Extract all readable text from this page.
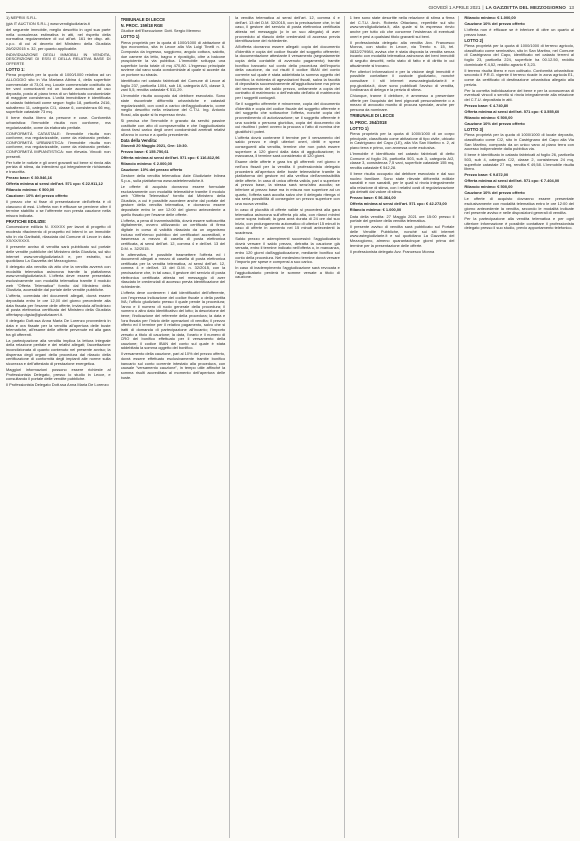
GIOVEDÌ 1 APRILE 2021 | LA GAZZETTA DEL MEZZOGIORNO 13

1) NEPRIX S.R.L.

(già IT AUCTION S.R.L.) www.vendigiudiziaria.it

del seguente immobile, meglio descritto in ogni sua parte nella consulenza estimativa in atti, nel rispetto della normativa regolamentare di cui all'art. 161 ter disp. att. c.p.c. di cui al decreto del Ministero della Giustizia 26/02/2015 n. 32, per quanto applicabile.

INDIVIDUAZIONE DEGLI IMMOBILI IN VENDITA, DESCRIZIONE DI ESSI E DELLA RELATIVA BASE DI OFFERTE

LOTTO 1:

Piena proprietà per la quota di 1000/1000 relativa ad un ALLOGGIO sito in Via Mariana Albina 4, della superficie commerciale di 73,01 mq. Locale commerciale costituito da tre vani comunicanti ed un locale accessorio ad uso deposito, posto al piano terra di un fabbricato condominiale di maggiore consistenza. L'unità immobiliare è identificata al catasto fabbricati come segue: foglio 18, particella 2416, subalterno 11, categoria C/1, classe 6, consistenza 66 mq, superficie catastale 73 mq.

Il bene risulta libero da persone e cose. Conformità urbanistica: l'immobile risulta non conforme, ma regolarizzabile, come da elaborato peritale.

CONFORMITÀ CATASTALE: l'immobile risulta non conforme, ma regolarizzabile, come da elaborato peritale. CONFORMITÀ URBANISTICA: l'immobile risulta non conforme, ma regolarizzabile, come da elaborato peritale. CONFORMITÀ IMPIANTISTICA: non rilevata. Vincoli: non presenti.

Per tutte le notizie e gli oneri gravanti sul bene si rinvia alla perizia di stima, da intendersi qui integralmente richiamata e trascritta.

Prezzo base: € 30.546,16

Offerta minima ai sensi dell'art. 571 cpc: € 22.911,12

Rilancio minimo: € 500,00

Cauzione: 10% del prezzo offerto

Il prezzo che si fisse di presentazione dell'offerta è di ciascuno di essi. L'offerta non è efficace se perviene oltre il termine stabilito o se l'offerente non presta cauzione nella misura indicata.

PRATICHE EDILIZIE:

Concessione edilizia N. XX/XXX per lavori di progetto di modesto rifacimento di prospetto ed interni in un immobile sito in via Garibaldi, rilasciata dal Comune di Lecce in data XX/XX/XXXX.

Il presente avviso di vendita sarà pubblicato sul portale delle vendite pubbliche del Ministero della Giustizia, sul sito internet www.vendigiudiziaria.it e, per estratto, sul quotidiano La Gazzetta del Mezzogiorno.

Il delegato alla vendita dà atto che la vendita avverrà con modalità telematica asincrona tramite la piattaforma www.vendigiudiziaria.it. L'offerta deve essere presentata esclusivamente con modalità telematica tramite il modulo web "Offerta Telematica" fornito dal Ministero della Giustizia, accessibile dal portale delle vendite pubbliche.

L'offerta, corredata dei documenti allegati, dovrà essere depositata entro le ore 12,00 del giorno precedente alla data fissata per l'esame delle offerte, inviandola all'indirizzo di posta elettronica certificata del Ministero della Giustizia offertapvp.dgsia@giustiziacert.it.

Il delegato Dott.ssa Anna Maria De Lorenzo provvederà in data e ora fissate per la vendita all'apertura delle buste telematiche, all'esame delle offerte pervenute ed alla gara tra gli offerenti.

La partecipazione alla vendita implica la lettura integrale della relazione peritale e dei relativi allegati; l'accettazione incondizionata di quanto contenuto nel presente avviso; la dispensa degli organi della procedura dal rilascio della certificazione di conformità degli impianti alle norme sulla sicurezza e dell'attestato di prestazione energetica.

Maggiori informazioni possono essere richieste al Professionista Delegato, presso lo studio in Lecce, e consultando il portale delle vendite pubbliche.

Il Professionista Delegato Dott.ssa Anna Maria De Lorenzo

TRIBUNALE DI LECCE

N. PROC. 159/18 RGE

Giudice dell'Esecuzione: Dott. Sergio Memmo

LOTTO 1)

Piena proprietà per la quota di 1000/1000 di abitazione di tipo economico, sita in Lecce alla Via Luigi Tinelli n. 6. Composta da ingresso, soggiorno, angolo cottura, salotto, due camere da letto, bagno e ripostiglio, oltre a balcone prospiciente la via pubblica. L'immobile sviluppa una superficie lorda totale di mq 470,80. L'ingresso principale avviene dal vano scala condominiale al quale si accede da un portone su strada.

Identificato nel catasto fabbricati del Comune di Lecce al foglio 237, particella 1004, sub 16, categoria A/3, classe 3, vani 5,5, rendita catastale € 511,29.

L'immobile risulta occupato dal debitore esecutato. Sono state riscontrate difformità urbanistiche e catastali regolarizzabili, con costi a carico dell'aggiudicatario, come meglio descritto nella relazione del C.T.U. Ing. Antonio Rossi, alla quale si fa espresso rinvio.

Si precisa che l'immobile è gravato da servitù passive costituite con atto di compravendita e che l'aggiudicatario dovrà farsi carico degli oneri condominiali arretrati relativi all'anno in corso e a quello precedente.

Data della Vendita:

Giovedì 20 Maggio 2021, Ore: 10:30.

Prezzo base: € 155.750,61

Offerta minima ai sensi dell'art. 571 cpc: € 116.812,96

Rilancio minimo: € 2.000,00

Cauzione: 10% del prezzo offerto

Gestore della vendita telematica: Aste Giudiziarie Inlinea S.p.a., sulla piattaforma www.astetelematiche.it.

Le offerte di acquisto dovranno essere formulate esclusivamente con modalità telematiche tramite il modulo web "Offerta Telematica" fornito dal Ministero della Giustizia, a cui è possibile accedere anche dal portale del gestore della vendita telematica, e dovranno essere depositate entro le ore 12:00 del giorno antecedente a quello fissato per l'esame delle offerte.

L'offerta, a pena di inammissibilità, dovrà essere sottoscritta digitalmente, ovvero utilizzando un certificato di firma digitale in corso di validità rilasciato da un organismo incluso nell'elenco pubblico dei certificatori accreditati, e trasmessa a mezzo di casella di posta elettronica certificata, ai sensi dell'art. 12, comma 4 e dell'art. 13 del D.M. n. 32/2015.

In alternativa, è possibile trasmettere l'offerta ed i documenti allegati a mezzo di casella di posta elettronica certificata per la vendita telematica, ai sensi dell'art. 12, comma 4 e dell'art. 13 del D.M. n. 32/2015, con la precisazione che, in tal caso, il gestore del servizio di posta elettronica certificata attesta nel messaggio di aver rilasciato le credenziali di accesso previa identificazione del richiedente.

L'offerta deve contenere: i dati identificativi dell'offerente, con l'espressa indicazione del codice fiscale o della partita IVA; l'ufficio giudiziario presso il quale pende la procedura; l'anno e il numero di ruolo generale della procedura; il numero o altro dato identificativo del lotto; la descrizione del bene; l'indicazione del referente della procedura; la data e l'ora fissata per l'inizio delle operazioni di vendita; il prezzo offerto ed il termine per il relativo pagamento, salvo che si tratti di domanda di partecipazione all'incanto; l'importo versato a titolo di cauzione; la data, l'orario e il numero di CRO del bonifico effettuato per il versamento della cauzione; il codice IBAN del conto sul quale è stata addebitata la somma oggetto del bonifico.

Il versamento della cauzione, pari al 10% del prezzo offerto, dovrà essere effettuato esclusivamente tramite bonifico bancario sul conto corrente intestato alla procedura, con causale "versamento cauzione", in tempo utile affinché la somma risulti accreditata al momento dell'apertura delle buste.

la vendita telematica ai sensi dell'art. 12, comma 4 e dell'art. 13 del D.M. 32/2015, con la precisazione che, in tal caso, il gestore del servizio di posta elettronica certificata attesta nel messaggio (o in un suo allegato) di aver provveduto al rilascio delle credenziali di accesso previa identificazione del richiedente.

All'offerta dovranno essere allegati: copia del documento d'identità e copia del codice fiscale del soggetto offerente; la documentazione attestante il versamento (segnatamente copia della contabile di avvenuto pagamento) tramite bonifico bancario sul conto della procedura dell'importo della cauzione, da cui risulti il codice IBAN del conto corrente sul quale è stata addebitata la somma oggetto del bonifico; la richiesta di agevolazioni fiscali, salva la facoltà di depositarla successivamente all'aggiudicazione ma prima del versamento del saldo prezzo, unitamente a copia del contratto di matrimonio o dell'estratto dell'atto di matrimonio per i soggetti coniugati.

Se il soggetto offerente è minorenne, copia del documento d'identità e copia del codice fiscale del soggetto offerente e del soggetto che sottoscrive l'offerta, nonché copia del provvedimento di autorizzazione; se il soggetto offerente è una società o persona giuridica, copia del documento da cui risultino i poteri ovvero la procura o l'atto di nomina che giustifichi i poteri.

L'offerta dovrà contenere il termine per il versamento del saldo prezzo e degli ulteriori oneri, diritti e spese conseguenti alla vendita, termine che non potrà essere superiore a 120 giorni dalla data di aggiudicazione; in mancanza, il termine sarà considerato di 120 giorni.

Esame delle offerte e gara tra gli offerenti: nel giorno e nell'ora fissati per la vendita il professionista delegato procederà all'apertura delle buste telematiche tramite la piattaforma del gestore ed alla verifica dell'ammissibilità delle offerte. In caso di unica offerta valida, pari o superiore al prezzo base, la stessa sarà senz'altro accolta; se inferiore al prezzo base ma in misura non superiore ad un quarto, l'offerta sarà accolta salvo che il delegato ritenga vi sia seria possibilità di conseguire un prezzo superiore con una nuova vendita.

In caso di pluralità di offerte valide si procederà alla gara telematica asincrona sull'offerta più alta, con rilanci minimi come sopra indicati; la gara avrà durata di 24 ore dal suo inizio, con prolungamento automatico di ulteriori 15 minuti in caso di offerte in aumento nei 15 minuti antecedenti la scadenza.

Saldo prezzo e adempimenti successivi: l'aggiudicatario dovrà versare il saldo prezzo, detratta la cauzione già versata, entro il termine indicato nell'offerta o, in mancanza, entro 120 giorni dall'aggiudicazione, mediante bonifico sul conto della procedura. Nel medesimo termine dovrà versare l'importo per spese e compensi a suo carico.

In caso di inadempimento l'aggiudicazione sarà revocata e l'aggiudicatario perderà le somme versate a titolo di cauzione.

1 ben sono state descritte nella relazione di stima a firma del C.T.U. Arch. Roberta Ottaviano, reperibile sul sito www.vendigiudiziaria.it, alla quale si fa espresso rinvio anche per tutto ciò che concerne l'esistenza di eventuali oneri e pesi a qualsiasi titolo gravanti sui beni.

Il professionista delegato alla vendita Avv. Francesco Monna, con studio in Lecce, via Trento n. 15, tel. 0832/279984, avvisa che è stata disposta la vendita senza incanto con modalità telematica asincrona dei beni immobili di seguito descritti, nello stato di fatto e di diritto in cui attualmente si trovano.

Per ulteriori informazioni e per la visione degli immobili è possibile contattare il custode giudiziario, nonché consultare i siti internet www.astegiudiziarie.it e pvp.giustizia.it, dove sono pubblicati l'avviso di vendita, l'ordinanza di delega e la perizia di stima.

Chiunque, tranne il debitore, è ammesso a presentare offerte per l'acquisto dei beni pignorati personalmente o a mezzo di avvocato munito di procura speciale, anche per persona da nominare.

TRIBUNALE DI LECCE

N. PROC. 264/2018

LOTTO 1)

Piena proprietà per la quota di 1000/1000 di un corpo principale, classificato come abitazione di tipo civile, ubicato in Castrignano del Capo (LE), alla Via San Martino n. 2, al piano terra e primo, con annessa corte esclusiva.

L'immobile è identificato nel catasto fabbricati di detto Comune al foglio 26, particella 503, sub 3, categoria A/2, classe 3, consistenza 7,5 vani, superficie catastale 155 mq, rendita catastale € 542,28.

Il bene risulta occupato dal debitore esecutato e dal suo nucleo familiare. Sono state rilevate difformità edilizie sanabili e non sanabili, per le quali si rinvia integralmente alla relazione di stima, con i relativi costi di regolarizzazione già detratti dal valore di stima.

Prezzo base: € 56.364,00

Offerta minima ai sensi dell'art. 571 cpc: € 42.273,00

Rilancio minimo: € 1.000,00

Data della vendita: 27 Maggio 2021 ore 15:00 presso il portale del gestore della vendita telematica.

Il presente avviso di vendita sarà pubblicato sul Portale delle Vendite Pubbliche, nonché sui siti internet www.astegiudiziarie.it e sul quotidiano La Gazzetta del Mezzogiorno, almeno quarantacinque giorni prima del termine per la presentazione delle offerte.

Il professionista delegato Avv. Francesco Monna

Rilancio minimo: € 1.000,00

Cauzione 10% del prezzo offerto

L'offerta non è efficace se è inferiore di oltre un quarto al prezzo base.

LOTTO 2)

Piena proprietà per la quota di 1000/1000 di terreno agricolo, classificato come seminativo, sito in San Martino, nel Comune di Castrignano del Capo, identificato nel catasto terreni al foglio 23, particella 224, superficie ha 00.12.50, reddito dominicale € 4,52, reddito agrario € 3,23.

Il terreno risulta libero e non coltivato. Conformità urbanistica: secondo il P.R.G. vigente il terreno ricade in zona agricola E1, come da certificato di destinazione urbanistica allegato alla perizia.

Per la corretta individuazione del bene e per la conoscenza di eventuali vincoli o servitù si rinvia integralmente alla relazione del C.T.U. depositata in atti.

Prezzo base: € 4.740,80

Offerta minima ai sensi dell'art. 571 cpc: € 3.555,60

Rilancio minimo: € 500,00

Cauzione 10% del prezzo offerto

LOTTO 3)

Piena proprietà per la quota di 1000/1000 di locale deposito, classificato come C/2, sito in Castrignano del Capo alla Via San Martino, composto da un unico vano al piano terra con accesso indipendente dalla pubblica via.

Il bene è identificato in catasto fabbricati al foglio 26, particella 503, sub 4, categoria C/2, classe 2, consistenza 24 mq, superficie catastale 27 mq, rendita € 49,58. L'immobile risulta libero.

Prezzo base: € 9.872,00

Offerta minima ai sensi dell'art. 571 cpc: € 7.404,00

Rilancio minimo: € 500,00

Cauzione 10% del prezzo offerto

Le offerte di acquisto dovranno essere presentate esclusivamente con modalità telematica entro le ore 12:00 del giorno antecedente la vendita, secondo le modalità indicate nel presente avviso e nelle disposizioni generali di vendita.

Per la partecipazione alla vendita telematica e per ogni ulteriore informazione è possibile contattare il professionista delegato presso il suo studio, previo appuntamento telefonico.
